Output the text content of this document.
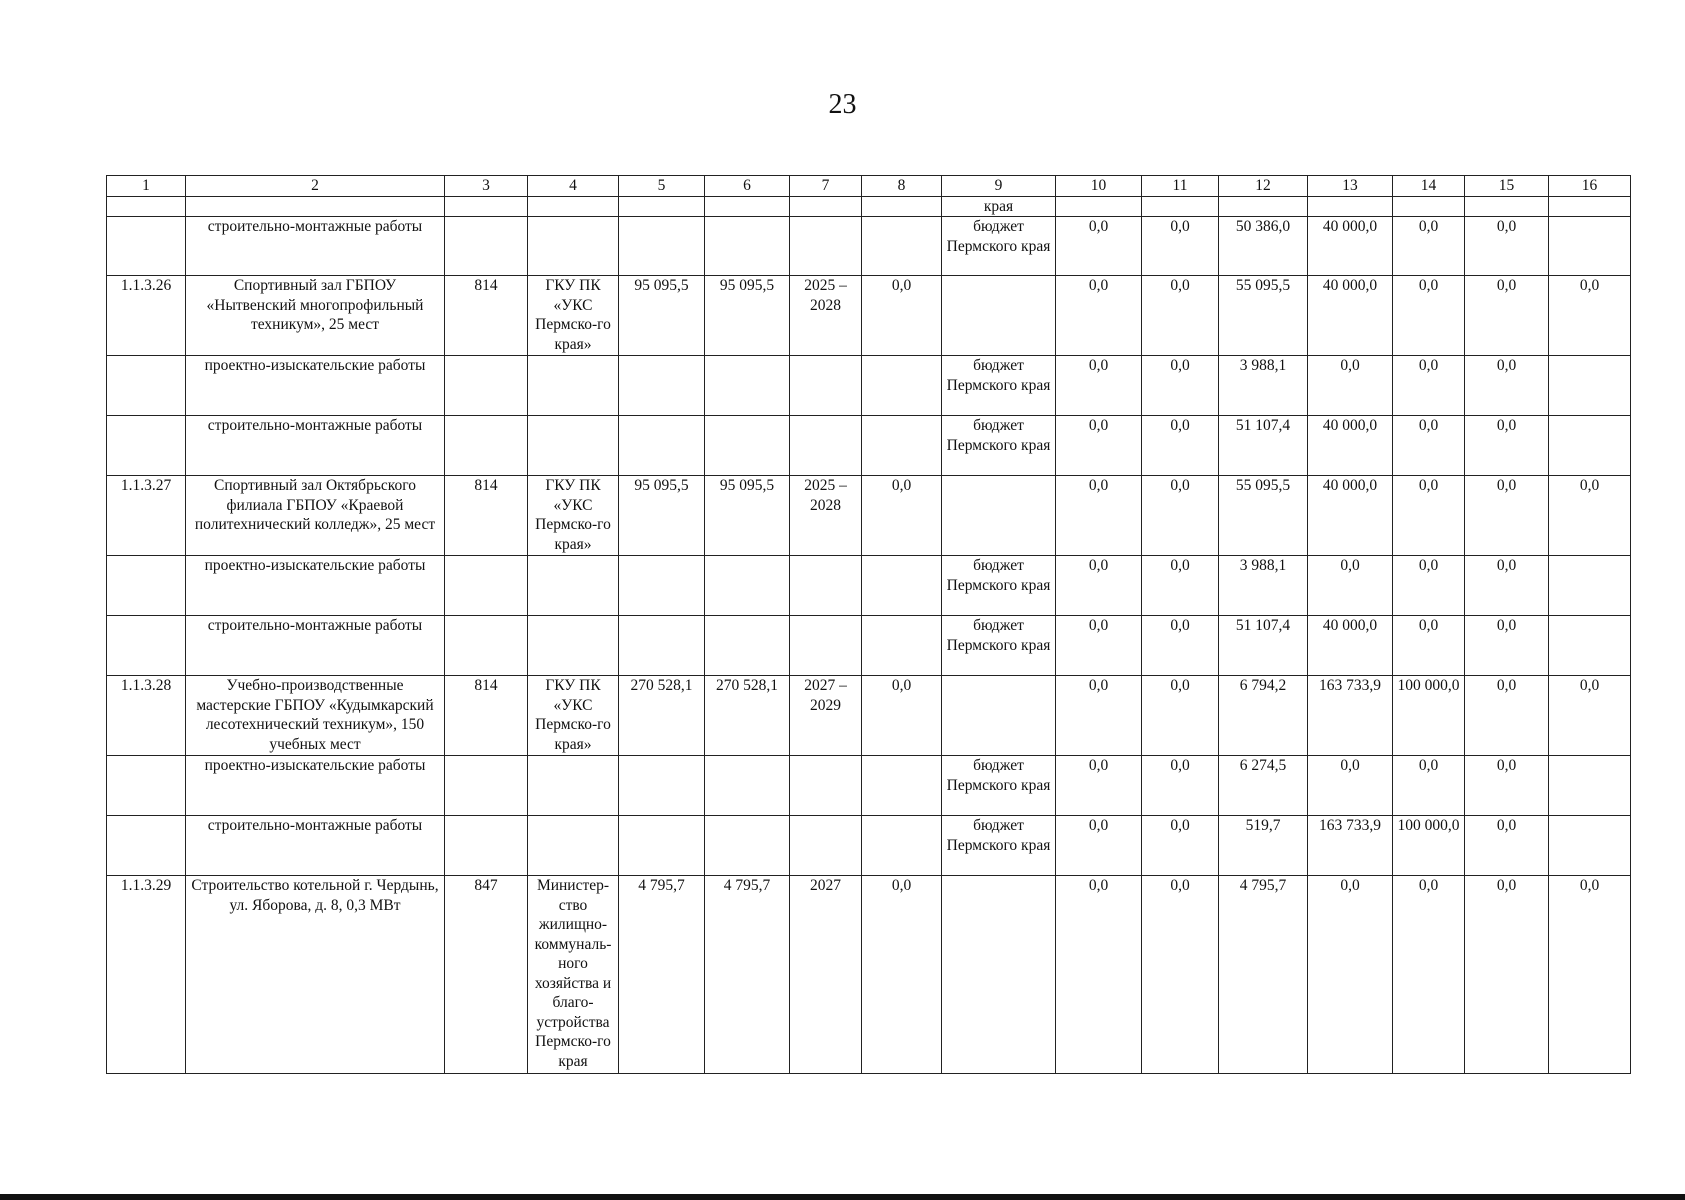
23
1	2	3	4	5	6	7	8	9	10	11	12	13	14	15	16
								края							
	строительно-монтажные работы							бюджет Пермского края	0,0	0,0	50 386,0	40 000,0	0,0	0,0	
1.1.3.26	Спортивный зал ГБПОУ «Нытвенский многопрофильный техникум», 25 мест	814	ГКУ ПК «УКС Пермско-го края»	95 095,5	95 095,5	2025 – 2028	0,0		0,0	0,0	55 095,5	40 000,0	0,0	0,0	0,0
	проектно-изыскательские работы							бюджет Пермского края	0,0	0,0	3 988,1	0,0	0,0	0,0	
	строительно-монтажные работы							бюджет Пермского края	0,0	0,0	51 107,4	40 000,0	0,0	0,0	
1.1.3.27	Спортивный зал Октябрьского филиала ГБПОУ «Краевой политехнический колледж», 25 мест	814	ГКУ ПК «УКС Пермско-го края»	95 095,5	95 095,5	2025 – 2028	0,0		0,0	0,0	55 095,5	40 000,0	0,0	0,0	0,0
	проектно-изыскательские работы							бюджет Пермского края	0,0	0,0	3 988,1	0,0	0,0	0,0	
	строительно-монтажные работы							бюджет Пермского края	0,0	0,0	51 107,4	40 000,0	0,0	0,0	
1.1.3.28	Учебно-производственные мастерские ГБПОУ «Кудымкарский лесотехнический техникум», 150 учебных мест	814	ГКУ ПК «УКС Пермско-го края»	270 528,1	270 528,1	2027 – 2029	0,0		0,0	0,0	6 794,2	163 733,9	100 000,0	0,0	0,0
	проектно-изыскательские работы							бюджет Пермского края	0,0	0,0	6 274,5	0,0	0,0	0,0	
	строительно-монтажные работы							бюджет Пермского края	0,0	0,0	519,7	163 733,9	100 000,0	0,0	
1.1.3.29	Строительство котельной г. Чердынь, ул. Яборова, д. 8, 0,3 МВт	847	Министер-ство жилищно-коммуналь-ного хозяйства и благо-устройства Пермско-го края	4 795,7	4 795,7	2027	0,0		0,0	0,0	4 795,7	0,0	0,0	0,0	0,0
